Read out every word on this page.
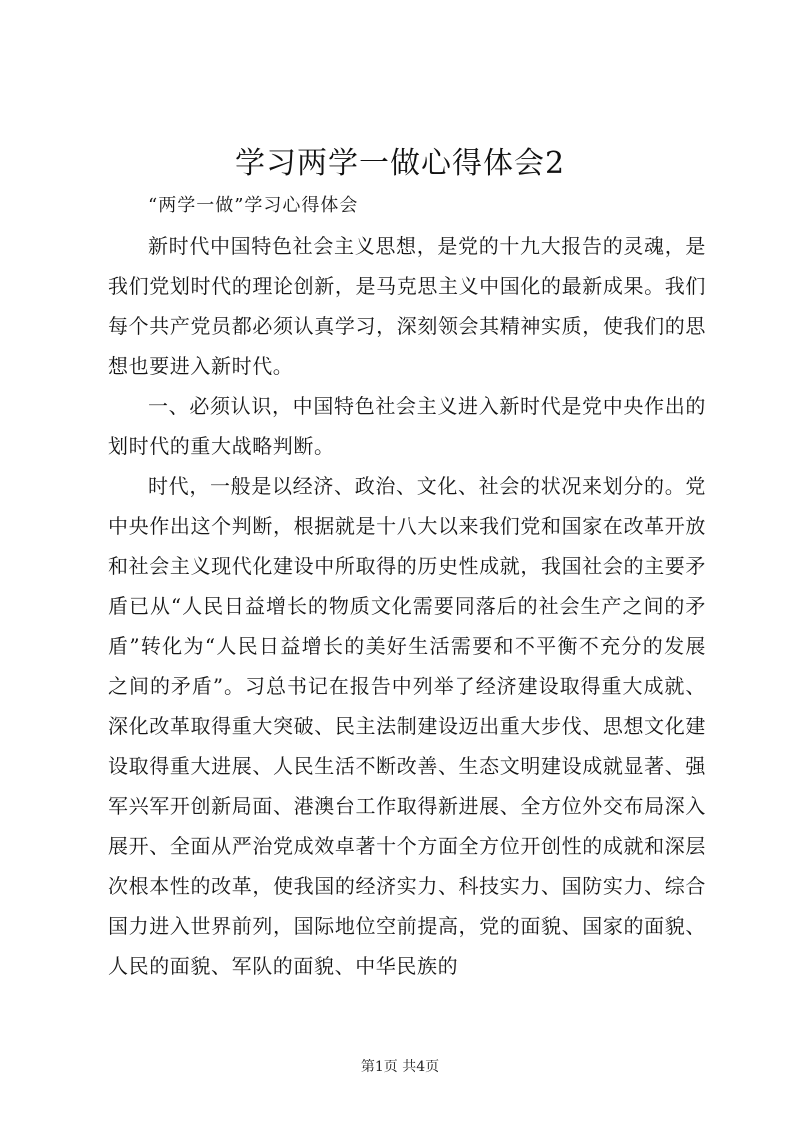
学习两学一做心得体会2

“两学一做”学习心得体会

新时代中国特色社会主义思想，是党的十九大报告的灵魂，是我们党划时代的理论创新，是马克思主义中国化的最新成果。我们每个共产党员都必须认真学习，深刻领会其精神实质，使我们的思想也要进入新时代。

一、必须认识，中国特色社会主义进入新时代是党中央作出的划时代的重大战略判断。

时代，一般是以经济、政治、文化、社会的状况来划分的。党中央作出这个判断，根据就是十八大以来我们党和国家在改革开放和社会主义现代化建设中所取得的历史性成就，我国社会的主要矛盾已从“人民日益增长的物质文化需要同落后的社会生产之间的矛盾”转化为“人民日益增长的美好生活需要和不平衡不充分的发展之间的矛盾”。习总书记在报告中列举了经济建设取得重大成就、深化改革取得重大突破、民主法制建设迈出重大步伐、思想文化建设取得重大进展、人民生活不断改善、生态文明建设成就显著、强军兴军开创新局面、港澳台工作取得新进展、全方位外交布局深入展开、全面从严治党成效卓著十个方面全方位开创性的成就和深层次根本性的改革，使我国的经济实力、科技实力、国防实力、综合国力进入世界前列，国际地位空前提高，党的面貌、国家的面貌、人民的面貌、军队的面貌、中华民族的

第1页 共4页
